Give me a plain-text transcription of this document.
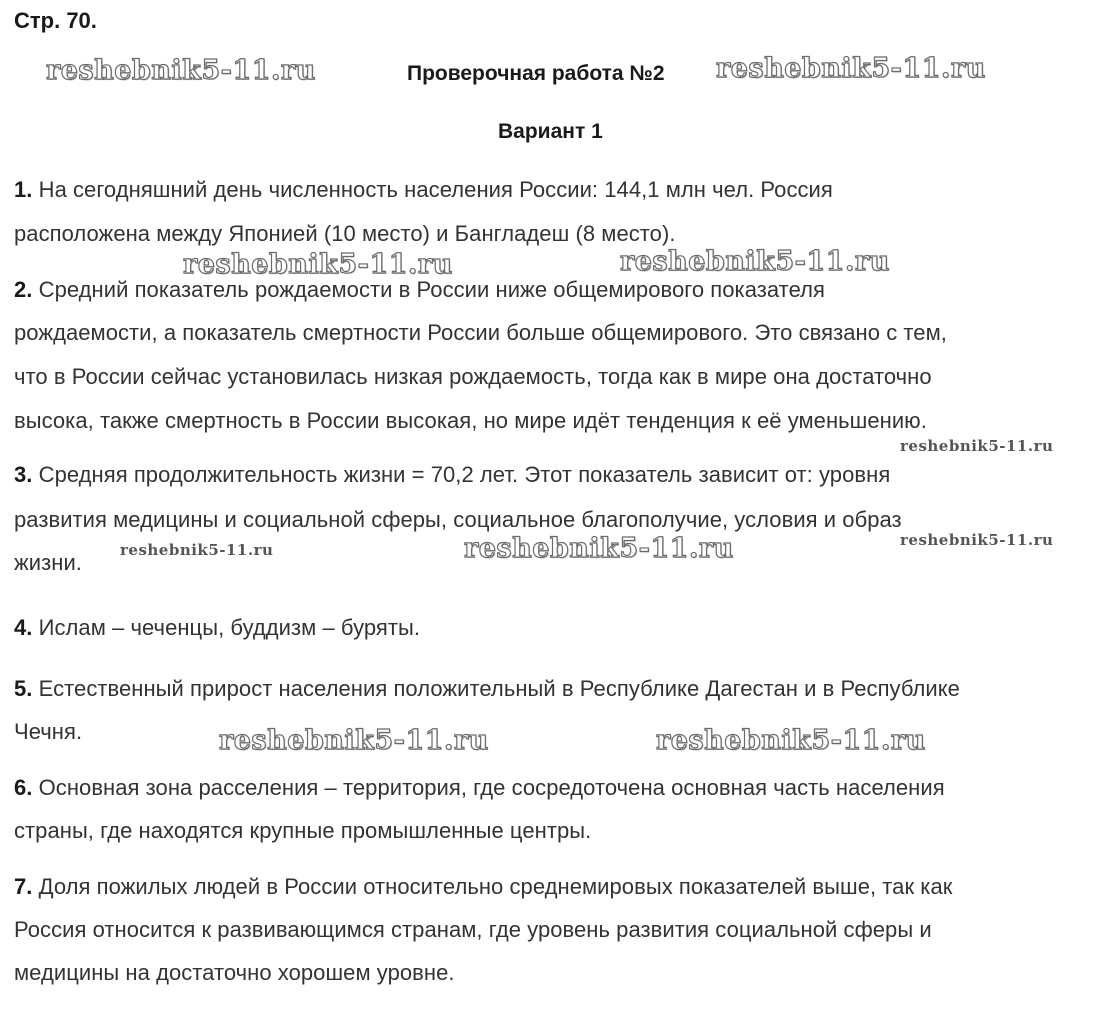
Стр. 70.
Проверочная работа №2
Вариант 1
1. На сегодняшний день численность населения России: 144,1 млн чел. Россия
расположена между Японией (10 место) и Бангладеш (8 место).
2. Средний показатель рождаемости в России ниже общемирового показателя
рождаемости, а показатель смертности России больше общемирового. Это связано с тем,
что в России сейчас установилась низкая рождаемость, тогда как в мире она достаточно
высока, также смертность в России высокая, но мире идёт тенденция к её уменьшению.
3. Средняя продолжительность жизни = 70,2 лет. Этот показатель зависит от: уровня
развития медицины и социальной сферы, социальное благополучие, условия и образ
жизни.
4. Ислам – чеченцы, буддизм – буряты.
5. Естественный прирост населения положительный в Республике Дагестан и в Республике
Чечня.
6. Основная зона расселения – территория, где сосредоточена основная часть населения
страны, где находятся крупные промышленные центры.
7. Доля пожилых людей в России относительно среднемировых показателей выше, так как
Россия относится к развивающимся странам, где уровень развития социальной сферы и
медицины на достаточно хорошем уровне.
reshebnik5-11.ru	reshebnik5-11.ru
reshebnik5-11.ru	reshebnik5-11.ru
reshebnik5-11.ru
reshebnik5-11.ru	reshebnik5-11.ru	reshebnik5-11.ru
reshebnik5-11.ru	reshebnik5-11.ru
